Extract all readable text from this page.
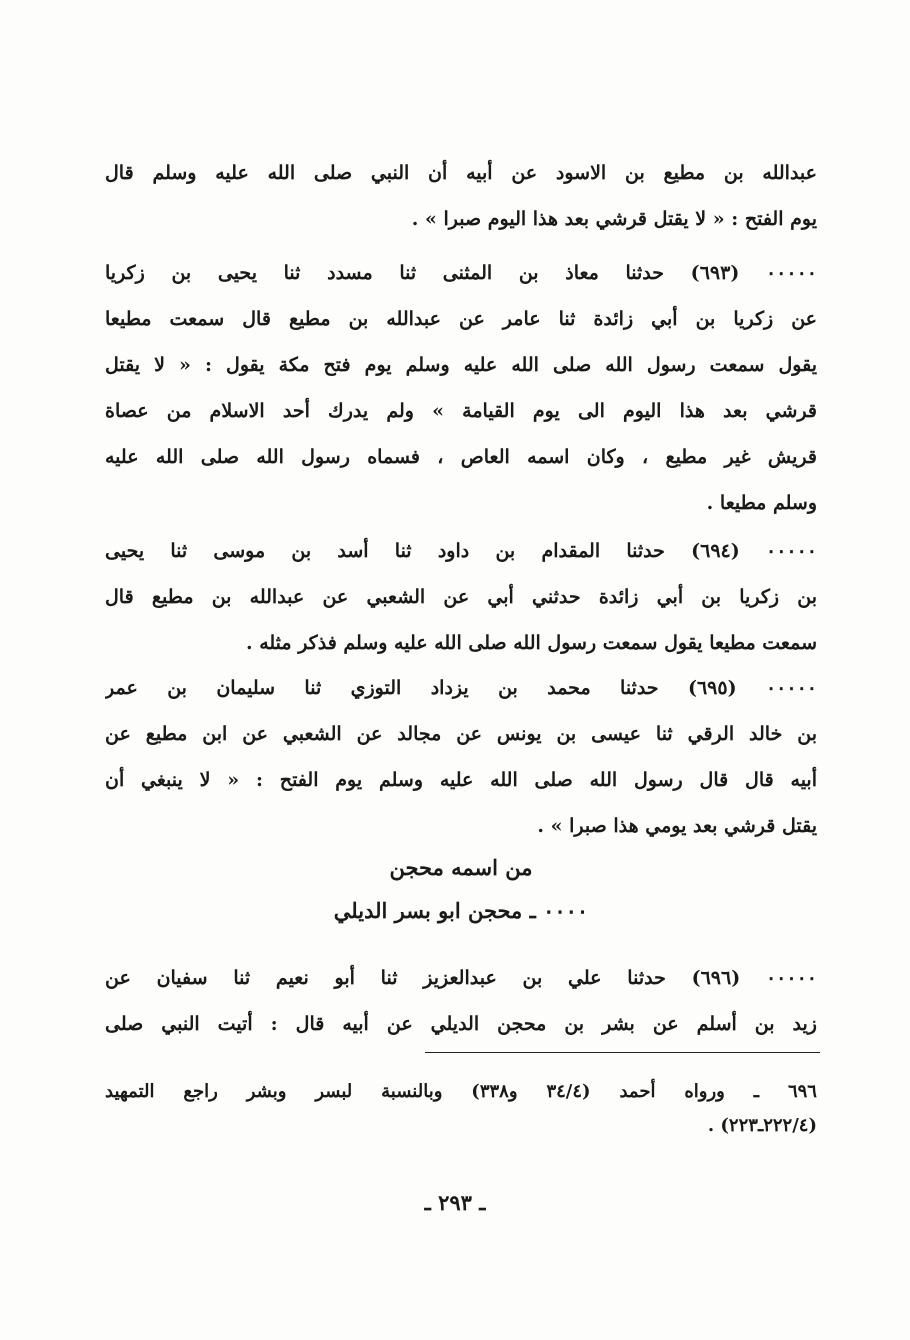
عبدالله بن مطيع بن الاسود عن أبيه أن النبي صلى الله عليه وسلم قال
يوم الفتح : « لا يقتل قرشي بعد هذا اليوم صبرا » .
٠٠٠٠٠ (٦٩٣) حدثنا معاذ بن المثنى ثنا مسدد ثنا يحيى بن زكريا
عن زكريا بن أبي زائدة ثنا عامر عن عبدالله بن مطيع قال سمعت مطيعا
يقول سمعت رسول الله صلى الله عليه وسلم يوم فتح مكة يقول : « لا يقتل
قرشي بعد هذا اليوم الى يوم القيامة » ولم يدرك أحد الاسلام من عصاة
قريش غير مطيع ، وكان اسمه العاص ، فسماه رسول الله صلى الله عليه
وسلم مطيعا .
٠٠٠٠٠ (٦٩٤) حدثنا المقدام بن داود ثنا أسد بن موسى ثنا يحيى
بن زكريا بن أبي زائدة حدثني أبي عن الشعبي عن عبدالله بن مطيع قال
سمعت مطيعا يقول سمعت رسول الله صلى الله عليه وسلم فذكر مثله .
٠٠٠٠٠ (٦٩٥) حدثنا محمد بن يزداد التوزي ثنا سليمان بن عمر
بن خالد الرقي ثنا عيسى بن يونس عن مجالد عن الشعبي عن ابن مطيع عن
أبيه قال قال رسول الله صلى الله عليه وسلم يوم الفتح : « لا ينبغي أن
يقتل قرشي بعد يومي هذا صبرا » .
من اسمه محجن
٠٠٠٠ ـ محجن ابو بسر الديلي
٠٠٠٠٠ (٦٩٦) حدثنا علي بن عبدالعزيز ثنا أبو نعيم ثنا سفيان عن
زيد بن أسلم عن بشر بن محجن الديلي عن أبيه قال : أتيت النبي صلى
٦٩٦ ـ ورواه أحمد (٣٤/٤ و٣٣٨) وبالنسبة لبسر وبشر راجع التمهيد
(٢٢٢/٤ـ٢٢٣) .
ـ ٢٩٣ ـ
